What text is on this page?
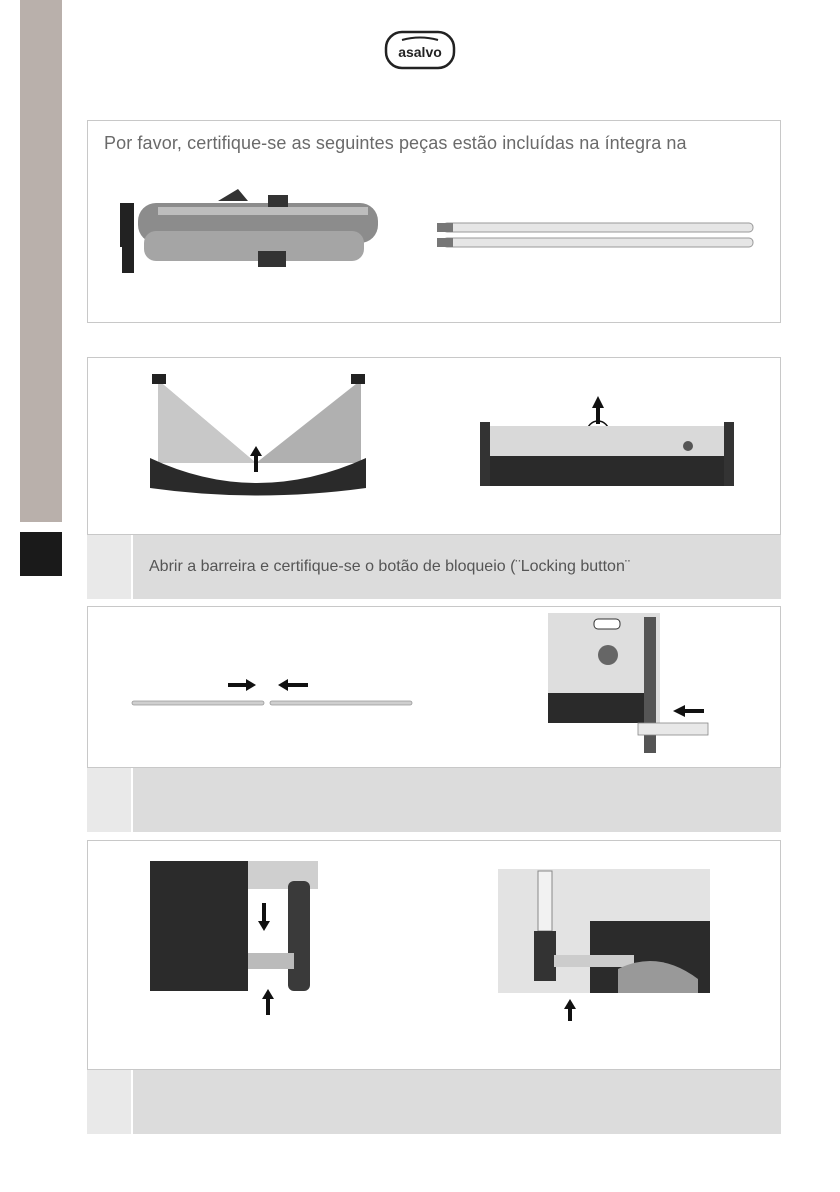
asalvo
Por favor, certifique-se as seguintes peças estão incluídas na íntegra na
Abrir a barreira e certifique-se o botão de bloqueio (¨Locking button¨
